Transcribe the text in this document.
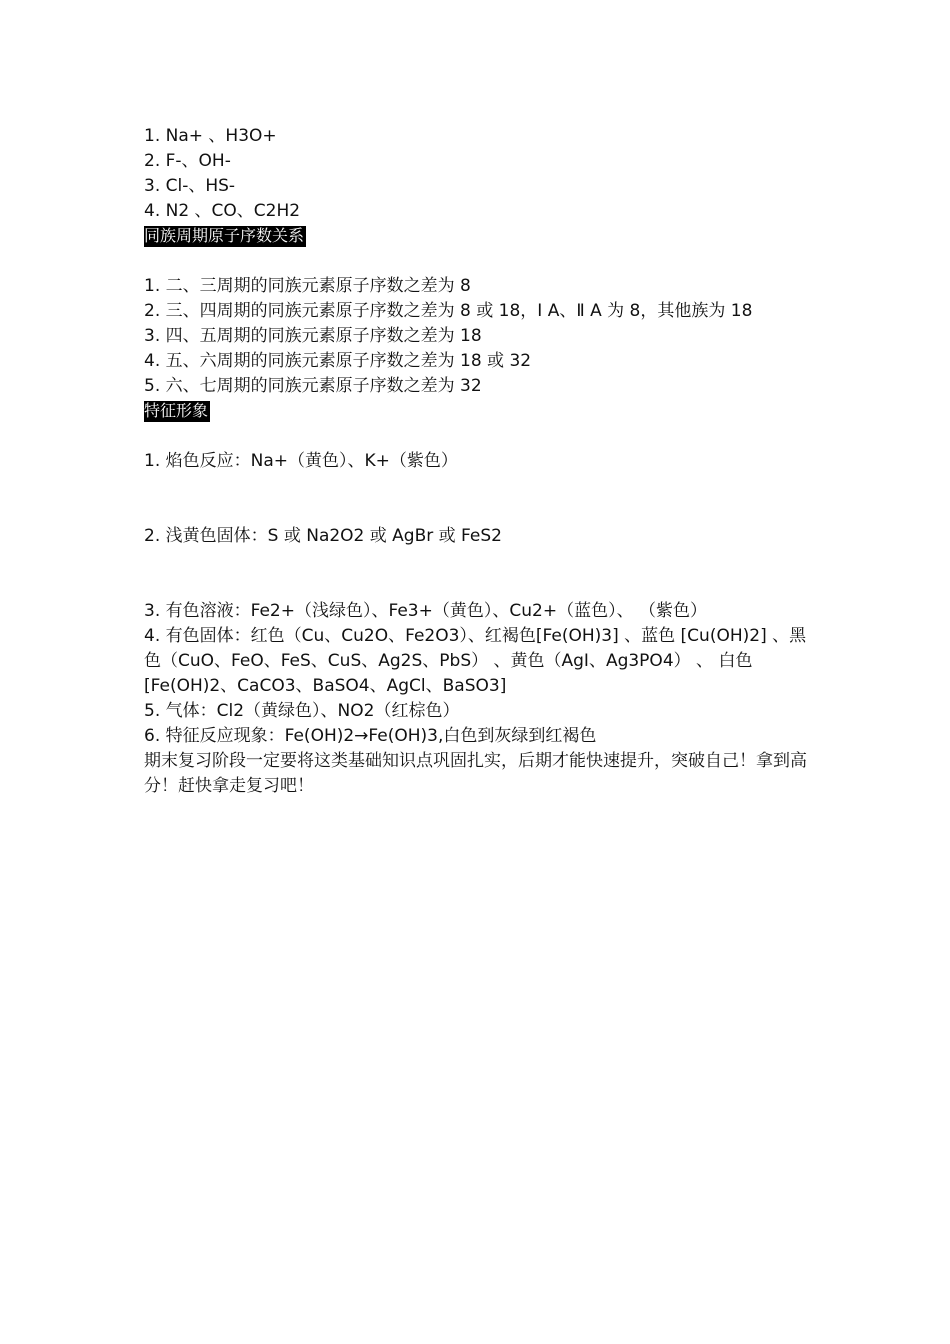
1. Na+ 、H3O+
2. F-、OH-
3. Cl-、HS-
4. N2 、CO、C2H2
同族周期原子序数关系
1. 二、三周期的同族元素原子序数之差为 8
2. 三、四周期的同族元素原子序数之差为 8 或 18，Ⅰ A、Ⅱ A 为 8，其他族为 18
3. 四、五周期的同族元素原子序数之差为 18
4. 五、六周期的同族元素原子序数之差为 18 或 32
5. 六、七周期的同族元素原子序数之差为 32
特征形象
1. 焰色反应：Na+（黄色）、K+（紫色）
2. 浅黄色固体：S 或 Na2O2 或 AgBr 或 FeS2
3. 有色溶液：Fe2+（浅绿色）、Fe3+（黄色）、Cu2+（蓝色）、 （紫色）
4. 有色固体：红色（Cu、Cu2O、Fe2O3）、红褐色[Fe(OH)3] 、蓝色 [Cu(OH)2] 、黑色（CuO、FeO、FeS、CuS、Ag2S、PbS） 、黄色（AgI、Ag3PO4） 、 白色[Fe(OH)2、CaCO3、BaSO4、AgCl、BaSO3]
5. 气体：Cl2（黄绿色）、NO2（红棕色）
6. 特征反应现象：Fe(OH)2→Fe(OH)3,白色到灰绿到红褐色
期末复习阶段一定要将这类基础知识点巩固扎实，后期才能快速提升，突破自己！拿到高分！赶快拿走复习吧！
